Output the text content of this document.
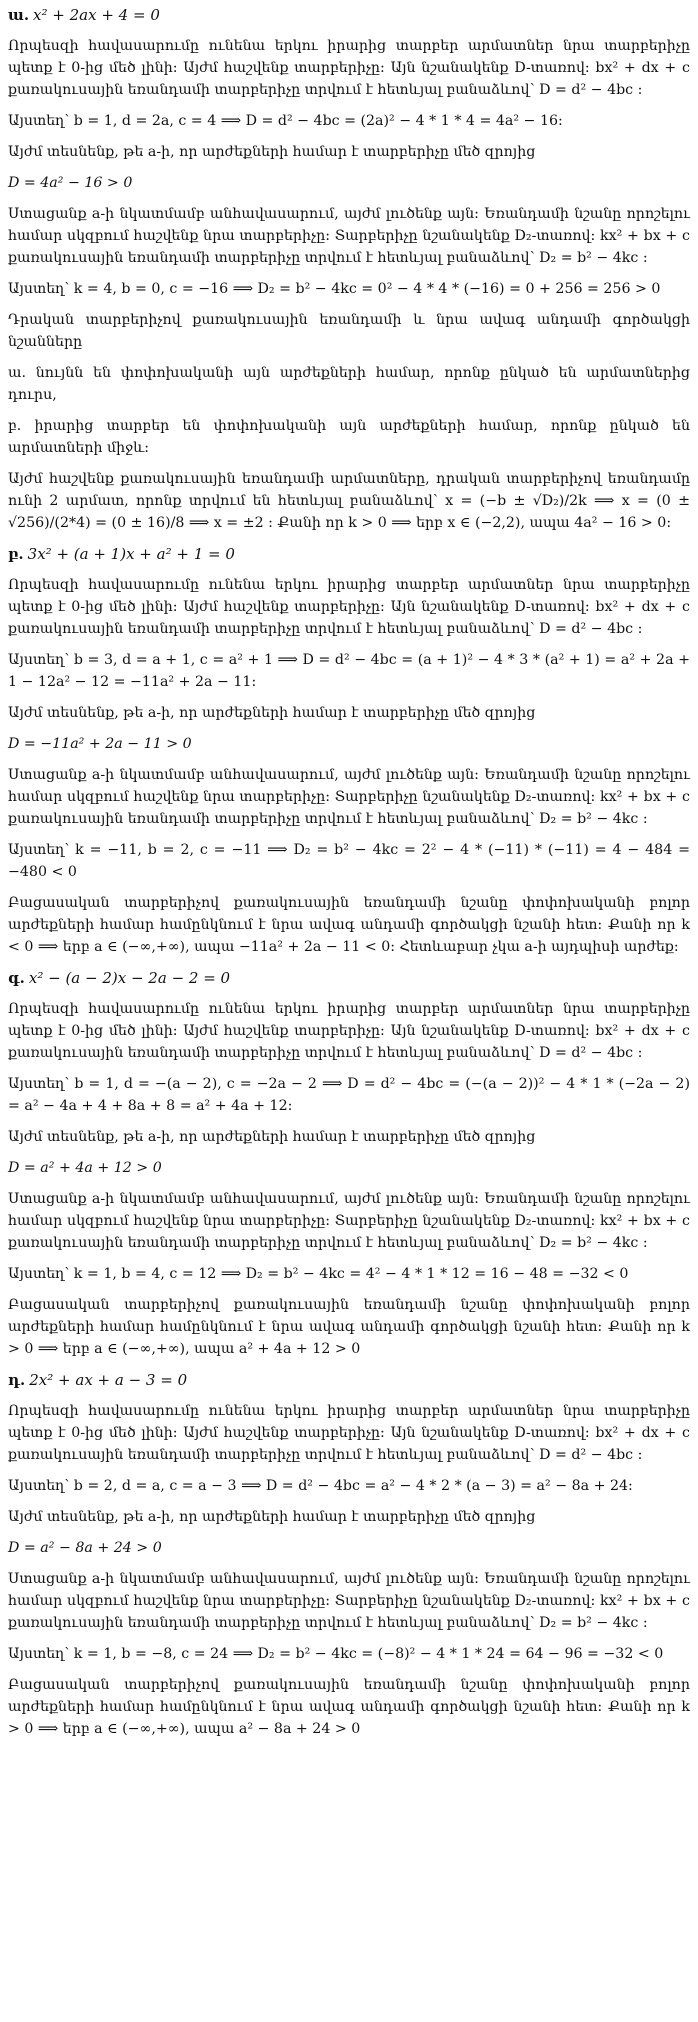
ա. x² + 2ax + 4 = 0
Որպեսզի հավասարումը ունենա երկու իրարից տարբեր արմատներ նրա տարբերիչը պետք է 0-ից մեծ լինի: Այժմ հաշվենք տարբերիչը: Այն նշանակենք D-տառով: bx² + dx + c քառակուսային եռանդամի տարբերիչը տրվում է հետևյալ բանաձևով՝ D = d² − 4bc :
Այստեղ՝ b = 1, d = 2a, c = 4 ⟹ D = d² − 4bc = (2a)² − 4 * 1 * 4 = 4a² − 16:
Այժմ տեսնենք, թե a-ի, որ արժեքների համար է տարբերիչը մեծ զրոյից
D = 4a² − 16 > 0
Ստացանք a-ի նկատմամբ անհավասարում, այժմ լուծենք այն: Եռանդամի նշանը որոշելու համար սկզբում հաշվենք նրա տարբերիչը: Տարբերիչը նշանակենք D₂-տառով: kx² + bx + c քառակուսային եռանդամի տարբերիչը տրվում է հետևյալ բանաձևով՝ D₂ = b² − 4kc :
Այստեղ՝ k = 4, b = 0, c = −16 ⟹ D₂ = b² − 4kc = 0² − 4 * 4 * (−16) = 0 + 256 = 256 > 0
Դրական տարբերիչով քառակուսային եռանդամի և նրա ավագ անդամի գործակցի նշանները
ա. նույնն են փոփոխականի այն արժեքների համար, որոնք ընկած են արմատներից դուրս,
բ. իրարից տարբեր են փոփոխականի այն արժեքների համար, որոնք ընկած են արմատների միջև:
Այժմ հաշվենք քառակուսային եռանդամի արմատները, դրական տարբերիչով եռանդամը ունի 2 արմատ, որոնք տրվում են հետևյալ բանաձևով՝ x = (−b ± √D₂)/2k ⟹ x = (0 ± √256)/(2*4) = (0 ± 16)/8 ⟹ x = ±2 : Քանի որ k > 0 ⟹ երբ x ∈ (−2,2), ապա 4a² − 16 > 0:
բ. 3x² + (a + 1)x + a² + 1 = 0
Որպեսզի հավասարումը ունենա երկու իրարից տարբեր արմատներ նրա տարբերիչը պետք է 0-ից մեծ լինի: Այժմ հաշվենք տարբերիչը: Այն նշանակենք D-տառով: bx² + dx + c քառակուսային եռանդամի տարբերիչը տրվում է հետևյալ բանաձևով՝ D = d² − 4bc :
Այստեղ՝ b = 3, d = a + 1, c = a² + 1 ⟹ D = d² − 4bc = (a + 1)² − 4 * 3 * (a² + 1) = a² + 2a + 1 − 12a² − 12 = −11a² + 2a − 11:
Այժմ տեսնենք, թե a-ի, որ արժեքների համար է տարբերիչը մեծ զրոյից
D = −11a² + 2a − 11 > 0
Ստացանք a-ի նկատմամբ անհավասարում, այժմ լուծենք այն: Եռանդամի նշանը որոշելու համար սկզբում հաշվենք նրա տարբերիչը: Տարբերիչը նշանակենք D₂-տառով: kx² + bx + c քառակուսային եռանդամի տարբերիչը տրվում է հետևյալ բանաձևով՝ D₂ = b² − 4kc :
Այստեղ՝ k = −11, b = 2, c = −11 ⟹ D₂ = b² − 4kc = 2² − 4 * (−11) * (−11) = 4 − 484 = −480 < 0
Բացասական տարբերիչով քառակուսային եռանդամի նշանը փոփոխականի բոլոր արժեքների համար համընկնում է նրա ավագ անդամի գործակցի նշանի հետ: Քանի որ k < 0 ⟹ երբ a ∈ (−∞,+∞), ապա −11a² + 2a − 11 < 0: Հետևաբար չկա a-ի այդպիսի արժեք:
գ. x² − (a − 2)x − 2a − 2 = 0
Որպեսզի հավասարումը ունենա երկու իրարից տարբեր արմատներ նրա տարբերիչը պետք է 0-ից մեծ լինի: Այժմ հաշվենք տարբերիչը: Այն նշանակենք D-տառով: bx² + dx + c քառակուսային եռանդամի տարբերիչը տրվում է հետևյալ բանաձևով՝ D = d² − 4bc :
Այստեղ՝ b = 1, d = −(a − 2), c = −2a − 2 ⟹ D = d² − 4bc = (−(a − 2))² − 4 * 1 * (−2a − 2) = a² − 4a + 4 + 8a + 8 = a² + 4a + 12:
Այժմ տեսնենք, թե a-ի, որ արժեքների համար է տարբերիչը մեծ զրոյից
D = a² + 4a + 12 > 0
Ստացանք a-ի նկատմամբ անհավասարում, այժմ լուծենք այն: Եռանդամի նշանը որոշելու համար սկզբում հաշվենք նրա տարբերիչը: Տարբերիչը նշանակենք D₂-տառով: kx² + bx + c քառակուսային եռանդամի տարբերիչը տրվում է հետևյալ բանաձևով՝ D₂ = b² − 4kc :
Այստեղ՝ k = 1, b = 4, c = 12 ⟹ D₂ = b² − 4kc = 4² − 4 * 1 * 12 = 16 − 48 = −32 < 0
Բացասական տարբերիչով քառակուսային եռանդամի նշանը փոփոխականի բոլոր արժեքների համար համընկնում է նրա ավագ անդամի գործակցի նշանի հետ: Քանի որ k > 0 ⟹ երբ a ∈ (−∞,+∞), ապա a² + 4a + 12 > 0
դ. 2x² + ax + a − 3 = 0
Որպեսզի հավասարումը ունենա երկու իրարից տարբեր արմատներ նրա տարբերիչը պետք է 0-ից մեծ լինի: Այժմ հաշվենք տարբերիչը: Այն նշանակենք D-տառով: bx² + dx + c քառակուսային եռանդամի տարբերիչը տրվում է հետևյալ բանաձևով՝ D = d² − 4bc :
Այստեղ՝ b = 2, d = a, c = a − 3 ⟹ D = d² − 4bc = a² − 4 * 2 * (a − 3) = a² − 8a + 24:
Այժմ տեսնենք, թե a-ի, որ արժեքների համար է տարբերիչը մեծ զրոյից
D = a² − 8a + 24 > 0
Ստացանք a-ի նկատմամբ անհավասարում, այժմ լուծենք այն: Եռանդամի նշանը որոշելու համար սկզբում հաշվենք նրա տարբերիչը: Տարբերիչը նշանակենք D₂-տառով: kx² + bx + c քառակուսային եռանդամի տարբերիչը տրվում է հետևյալ բանաձևով՝ D₂ = b² − 4kc :
Այստեղ՝ k = 1, b = −8, c = 24 ⟹ D₂ = b² − 4kc = (−8)² − 4 * 1 * 24 = 64 − 96 = −32 < 0
Բացասական տարբերիչով քառակուսային եռանդամի նշանը փոփոխականի բոլոր արժեքների համար համընկնում է նրա ավագ անդամի գործակցի նշանի հետ: Քանի որ k > 0 ⟹ երբ a ∈ (−∞,+∞), ապա a² − 8a + 24 > 0
